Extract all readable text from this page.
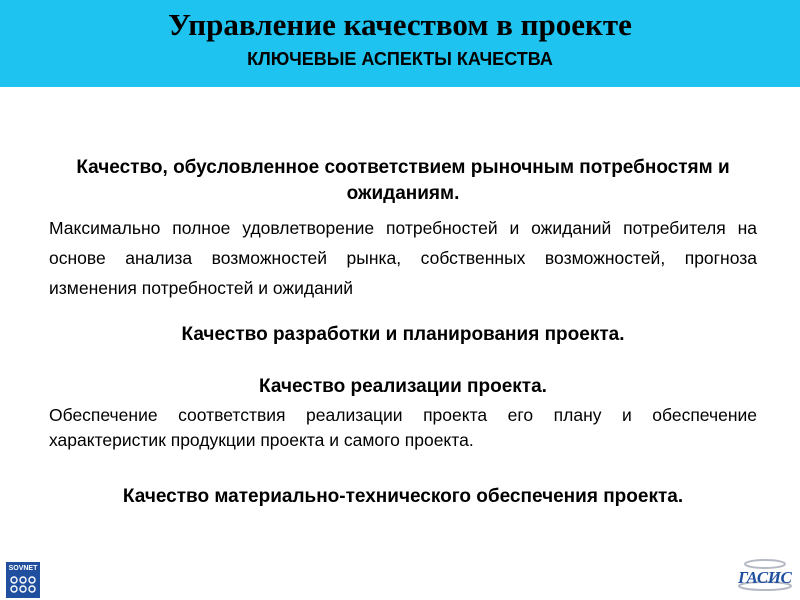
Управление качеством в проекте
КЛЮЧЕВЫЕ АСПЕКТЫ КАЧЕСТВА
Качество, обусловленное соответствием рыночным потребностям и ожиданиям.
Максимально полное удовлетворение потребностей и ожиданий потребителя на основе анализа возможностей рынка, собственных возможностей, прогноза изменения потребностей и ожиданий
Качество разработки и планирования проекта.
Качество реализации проекта.
Обеспечение соответствия реализации проекта его плану и обеспечение характеристик продукции проекта и самого проекта.
Качество материально-технического обеспечения проекта.
SOVNET	ГАСИС
